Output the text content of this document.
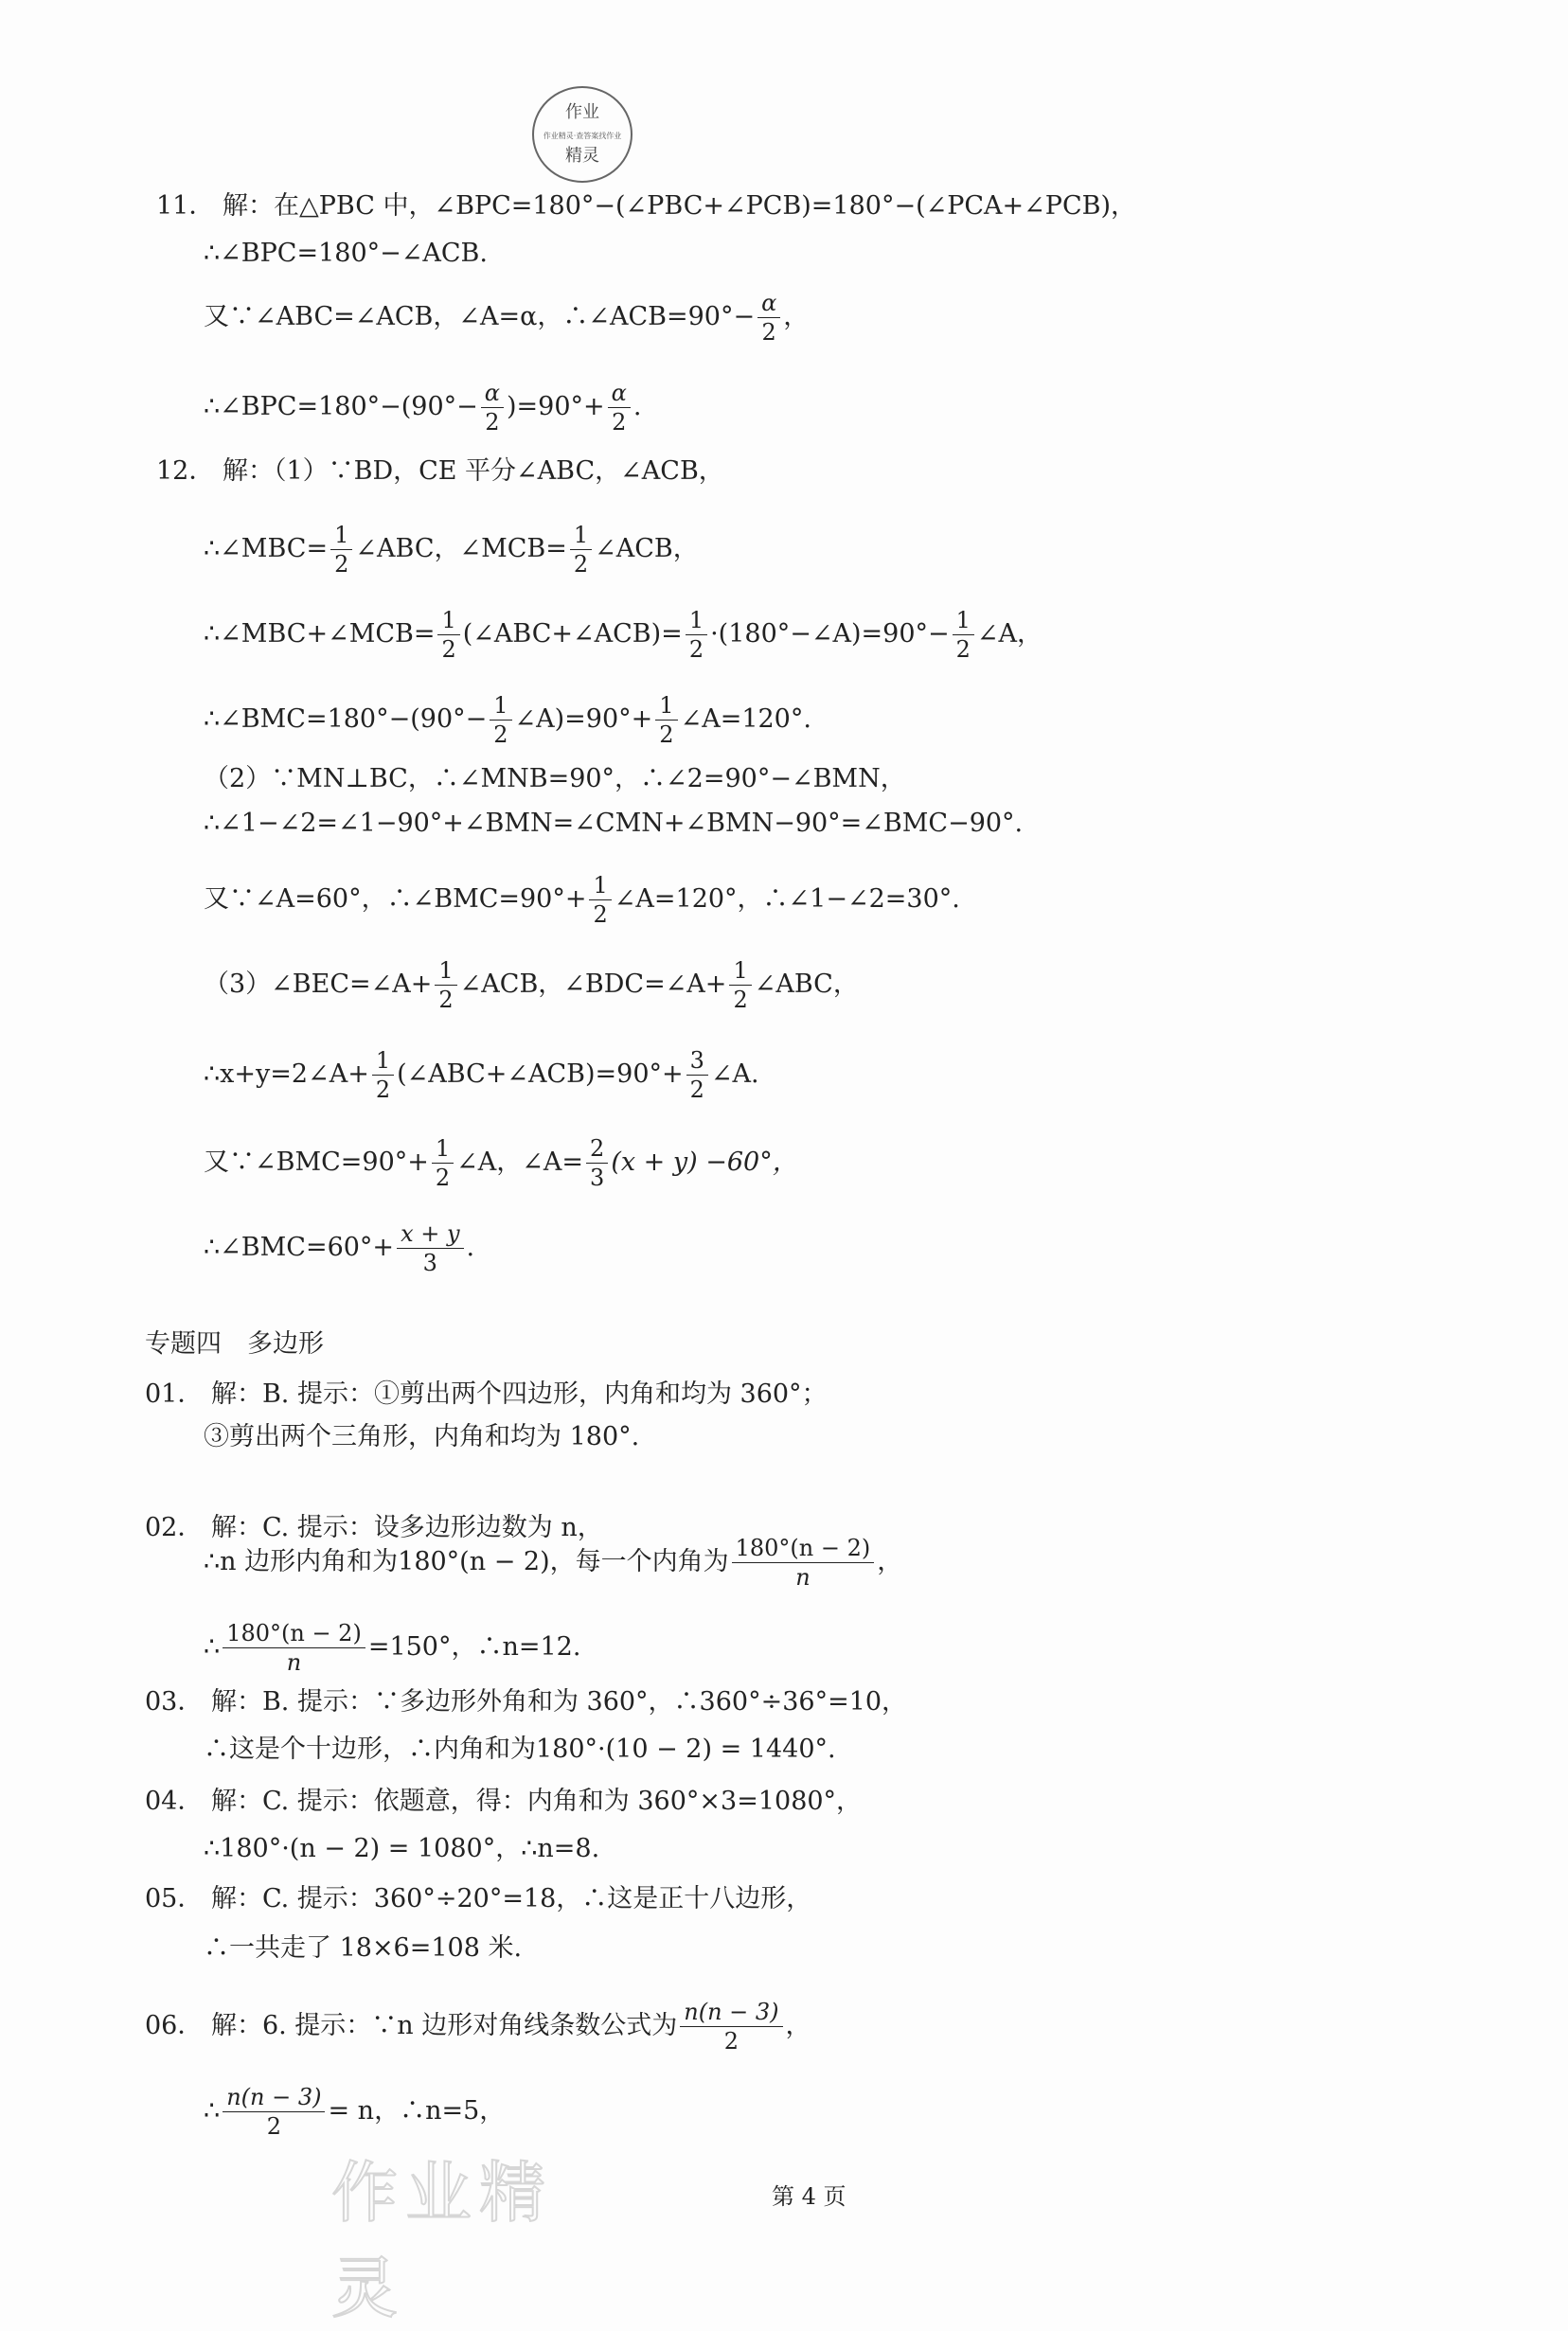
作业
作业精灵·查答案找作业
精灵
11． 解：在△PBC 中，∠BPC=180°−(∠PBC+∠PCB)=180°−(∠PCA+∠PCB)，
∴∠BPC=180°−∠ACB.
又∵∠ABC=∠ACB，∠A=α，∴∠ACB=90°− $\frac{\alpha}{2}$ ，
∴∠BPC=180°−(90°− $\frac{\alpha}{2} )=90^\circ+ \frac{\alpha}{2}$ .
12． 解：（1）∵BD，CE 平分∠ABC，∠ACB，
∴∠MBC= $\frac{1}{2}$ ∠ABC，∠MCB= $\frac{1}{2}$ ∠ACB，
∴∠MBC+∠MCB= $\frac{1}{2}$ (∠ABC+∠ACB)= $\frac{1}{2}$ ·(180°−∠A)=90°− $\frac{1}{2}$ ∠A，
∴∠BMC=180°−(90°− $\frac{1}{2}$ ∠A)=90°+ $\frac{1}{2}$ ∠A=120°.
（2）∵MN⊥BC，∴∠MNB=90°，∴∠2=90°−∠BMN，
∴∠1−∠2=∠1−90°+∠BMN=∠CMN+∠BMN−90°=∠BMC−90°.
又∵∠A=60°，∴∠BMC=90°+ $\frac{1}{2}$ ∠A=120°，∴∠1−∠2=30°.
（3）∠BEC=∠A+ $\frac{1}{2}$ ∠ACB，∠BDC=∠A+ $\frac{1}{2}$ ∠ABC，
∴x+y=2∠A+ $\frac{1}{2}$ (∠ABC+∠ACB)=90°+ $\frac{3}{2}$ ∠A.
又∵∠BMC=90°+ $\frac{1}{2}$ ∠A，∠A= $\frac{2}{3} (x + y) -60^\circ$，
∴∠BMC=60°+ $\frac{x + y}{3}$ .
专题四　多边形
01． 解：B. 提示：①剪出两个四边形，内角和均为 360°；
③剪出两个三角形，内角和均为 180°.
02． 解：C. 提示：设多边形边数为 n，
∴n 边形内角和为180°(n − 2)，每一个内角为 $\frac{180^\circ(n - 2)}{n}$ ，
∴ $\frac{180^\circ(n - 2)}{n} =150^\circ$，∴n=12.
03． 解：B. 提示：∵多边形外角和为 360°，∴360°÷36°=10，
∴这是个十边形，∴内角和为180°·(10 − 2) = 1440°.
04． 解：C. 提示：依题意，得：内角和为 360°×3=1080°，
∴180°·(n − 2) = 1080°，∴n=8.
05． 解：C. 提示：360°÷20°=18，∴这是正十八边形，
∴一共走了 18×6=108 米.
06． 解：6. 提示：∵n 边形对角线条数公式为 $\frac{n(n - 3)}{2}$ ，
∴ $\frac{n(n - 3)}{2} = n$，∴n=5，
作业精灵
第 4 页
